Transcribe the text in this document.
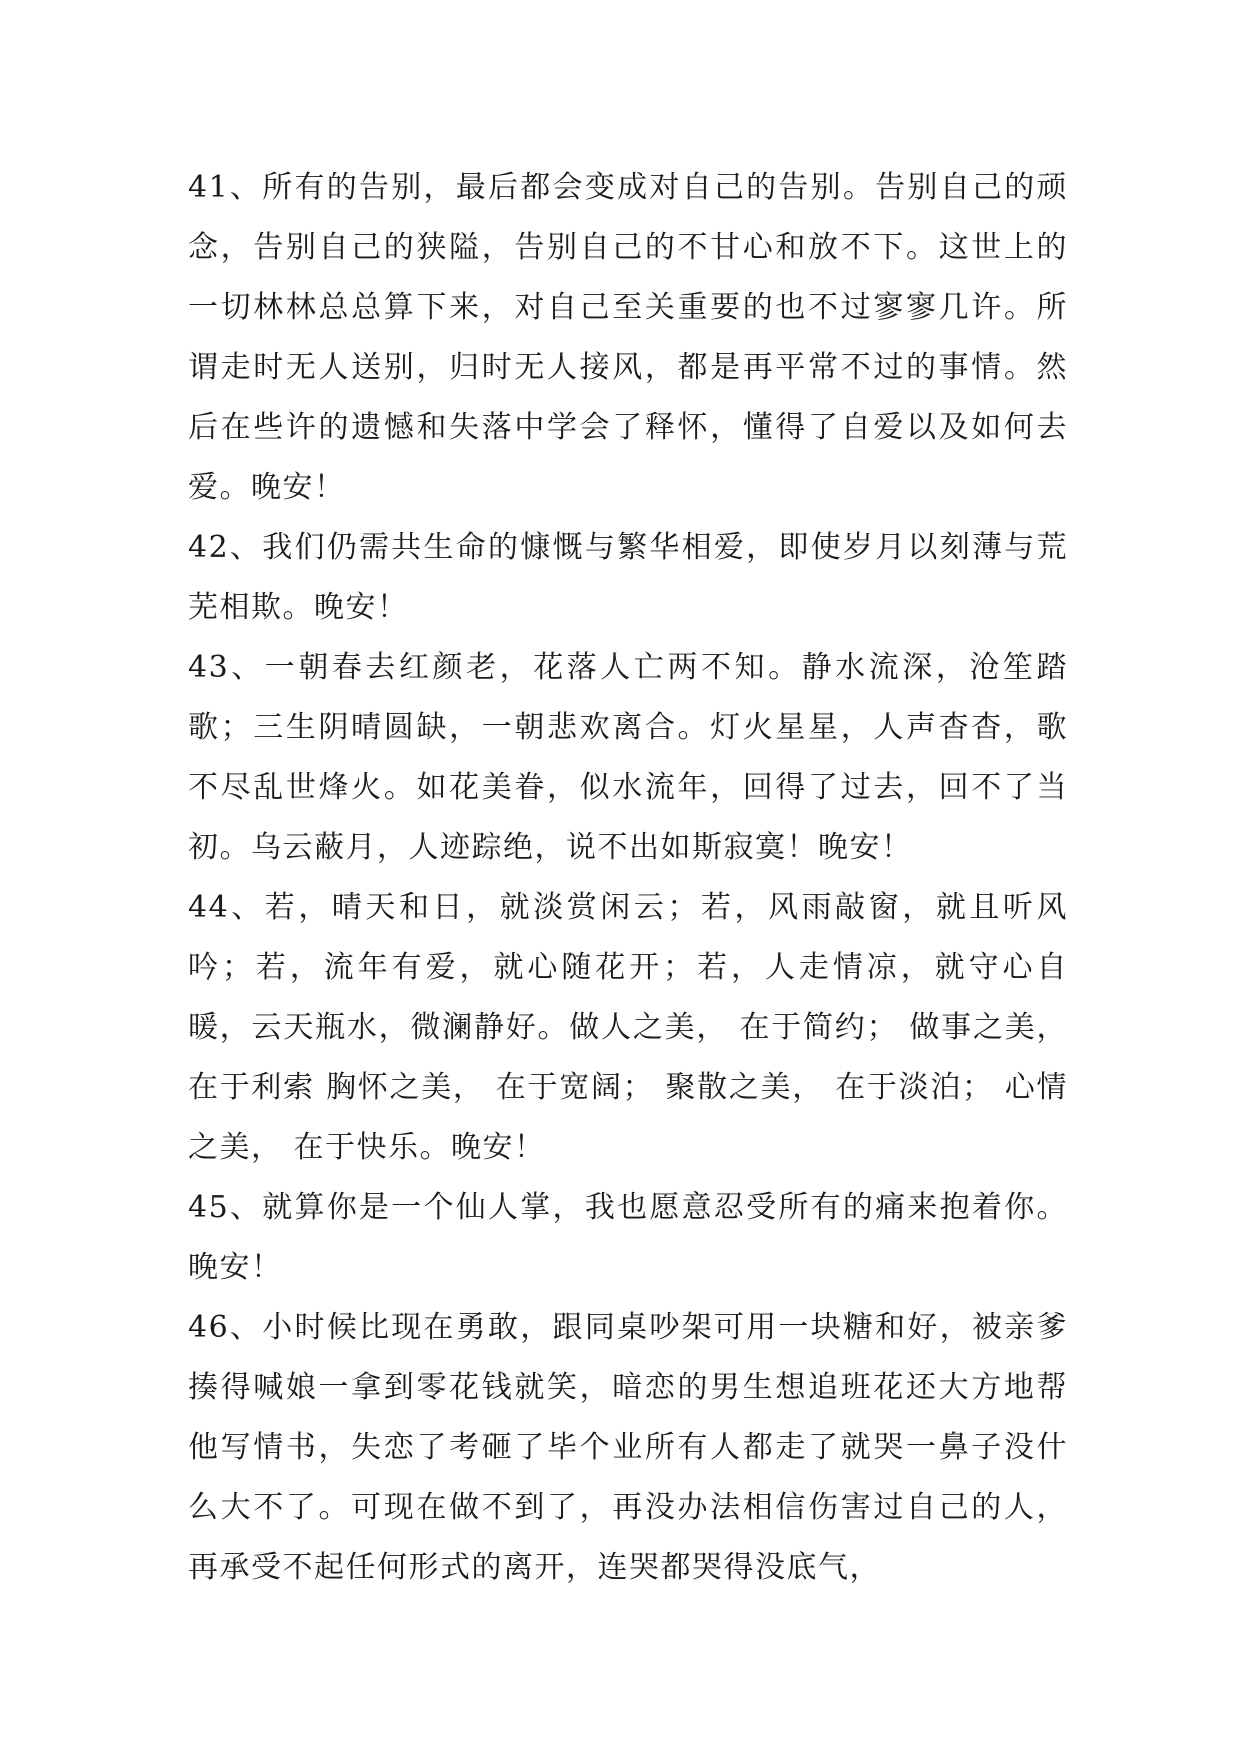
41、所有的告别，最后都会变成对自己的告别。告别自己的顽念，告别自己的狭隘，告别自己的不甘心和放不下。这世上的一切林林总总算下来，对自己至关重要的也不过寥寥几许。所谓走时无人送别，归时无人接风，都是再平常不过的事情。然后在些许的遗憾和失落中学会了释怀，懂得了自爱以及如何去爱。晚安！

42、我们仍需共生命的慷慨与繁华相爱，即使岁月以刻薄与荒芜相欺。晚安！

43、一朝春去红颜老，花落人亡两不知。静水流深，沧笙踏歌；三生阴晴圆缺，一朝悲欢离合。灯火星星，人声杳杳，歌不尽乱世烽火。如花美眷，似水流年，回得了过去，回不了当初。乌云蔽月，人迹踪绝，说不出如斯寂寞！晚安！

44、若，晴天和日，就淡赏闲云；若，风雨敲窗，就且听风吟；若，流年有爱，就心随花开；若，人走情凉，就守心自暖，云天瓶水，微澜静好。做人之美， 在于简约； 做事之美， 在于利索 胸怀之美， 在于宽阔； 聚散之美， 在于淡泊； 心情之美， 在于快乐。晚安！

45、就算你是一个仙人掌，我也愿意忍受所有的痛来抱着你。晚安！

46、小时候比现在勇敢，跟同桌吵架可用一块糖和好，被亲爹揍得喊娘一拿到零花钱就笑，暗恋的男生想追班花还大方地帮他写情书，失恋了考砸了毕个业所有人都走了就哭一鼻子没什么大不了。可现在做不到了，再没办法相信伤害过自己的人，再承受不起任何形式的离开，连哭都哭得没底气，
